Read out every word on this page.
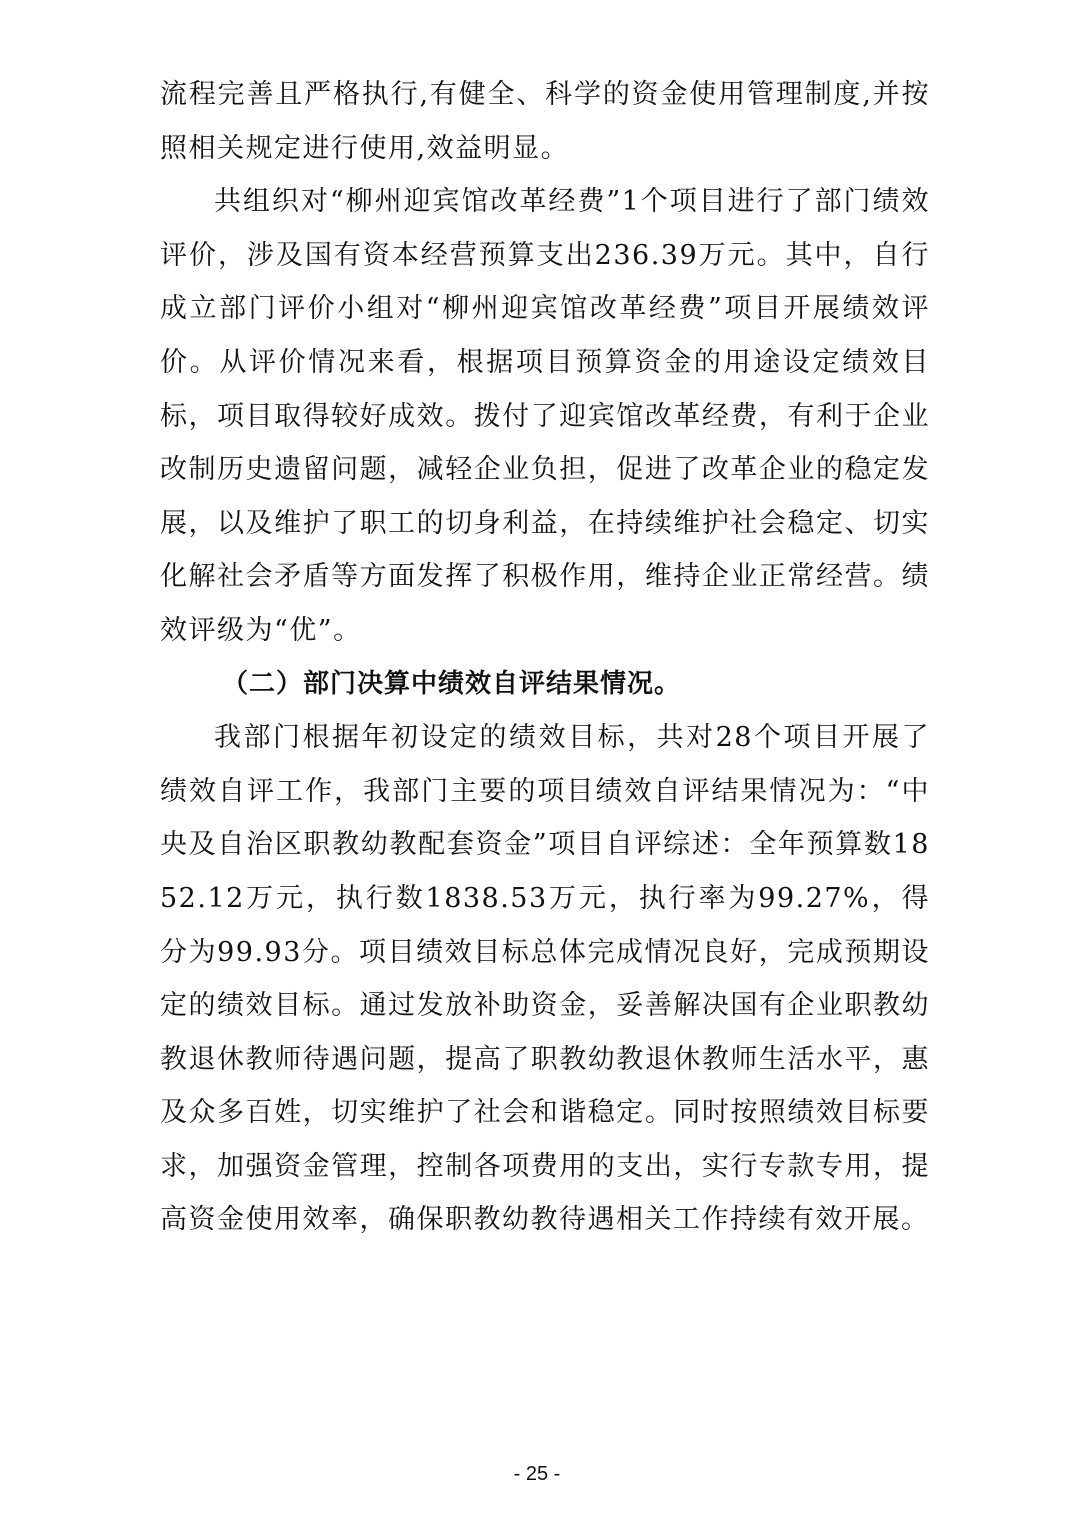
流程完善且严格执行,有健全、科学的资金使用管理制度,并按照相关规定进行使用,效益明显。

共组织对“柳州迎宾馆改革经费”1个项目进行了部门绩效评价，涉及国有资本经营预算支出236.39万元。其中，自行成立部门评价小组对“柳州迎宾馆改革经费”项目开展绩效评价。从评价情况来看，根据项目预算资金的用途设定绩效目标，项目取得较好成效。拨付了迎宾馆改革经费，有利于企业改制历史遗留问题，减轻企业负担，促进了改革企业的稳定发展，以及维护了职工的切身利益，在持续维护社会稳定、切实化解社会矛盾等方面发挥了积极作用，维持企业正常经营。绩效评级为“优”。

（二）部门决算中绩效自评结果情况。

我部门根据年初设定的绩效目标，共对28个项目开展了绩效自评工作，我部门主要的项目绩效自评结果情况为：“中央及自治区职教幼教配套资金”项目自评综述：全年预算数1852.12万元，执行数1838.53万元，执行率为99.27%，得分为99.93分。项目绩效目标总体完成情况良好，完成预期设定的绩效目标。通过发放补助资金，妥善解决国有企业职教幼教退休教师待遇问题，提高了职教幼教退休教师生活水平，惠及众多百姓，切实维护了社会和谐稳定。同时按照绩效目标要求，加强资金管理，控制各项费用的支出，实行专款专用，提高资金使用效率，确保职教幼教待遇相关工作持续有效开展。

- 25 -
